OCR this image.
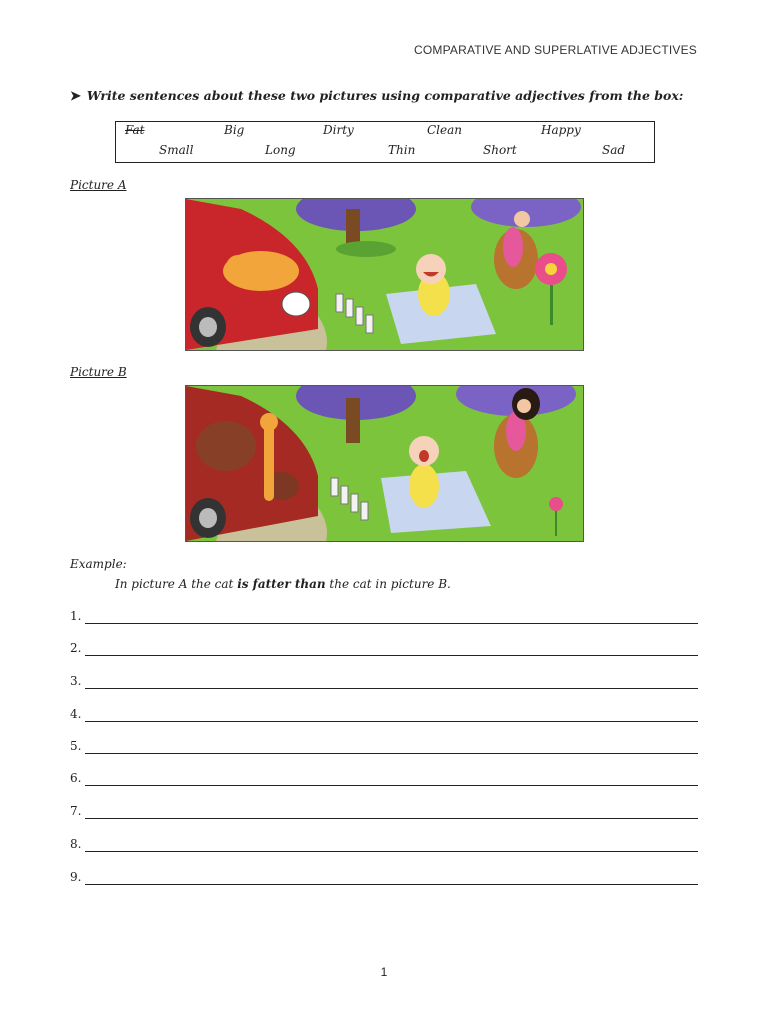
COMPARATIVE AND SUPERLATIVE ADJECTIVES
➤ Write sentences about these two pictures using comparative adjectives from the box:
Fat	Big	Dirty	Clean	Happy
Small	Long	Thin	Short	Sad
Picture A
Picture B
Example:
In picture A the cat is fatter than the cat in picture B.
1.
2.
3.
4.
5.
6.
7.
8.
9.
1
